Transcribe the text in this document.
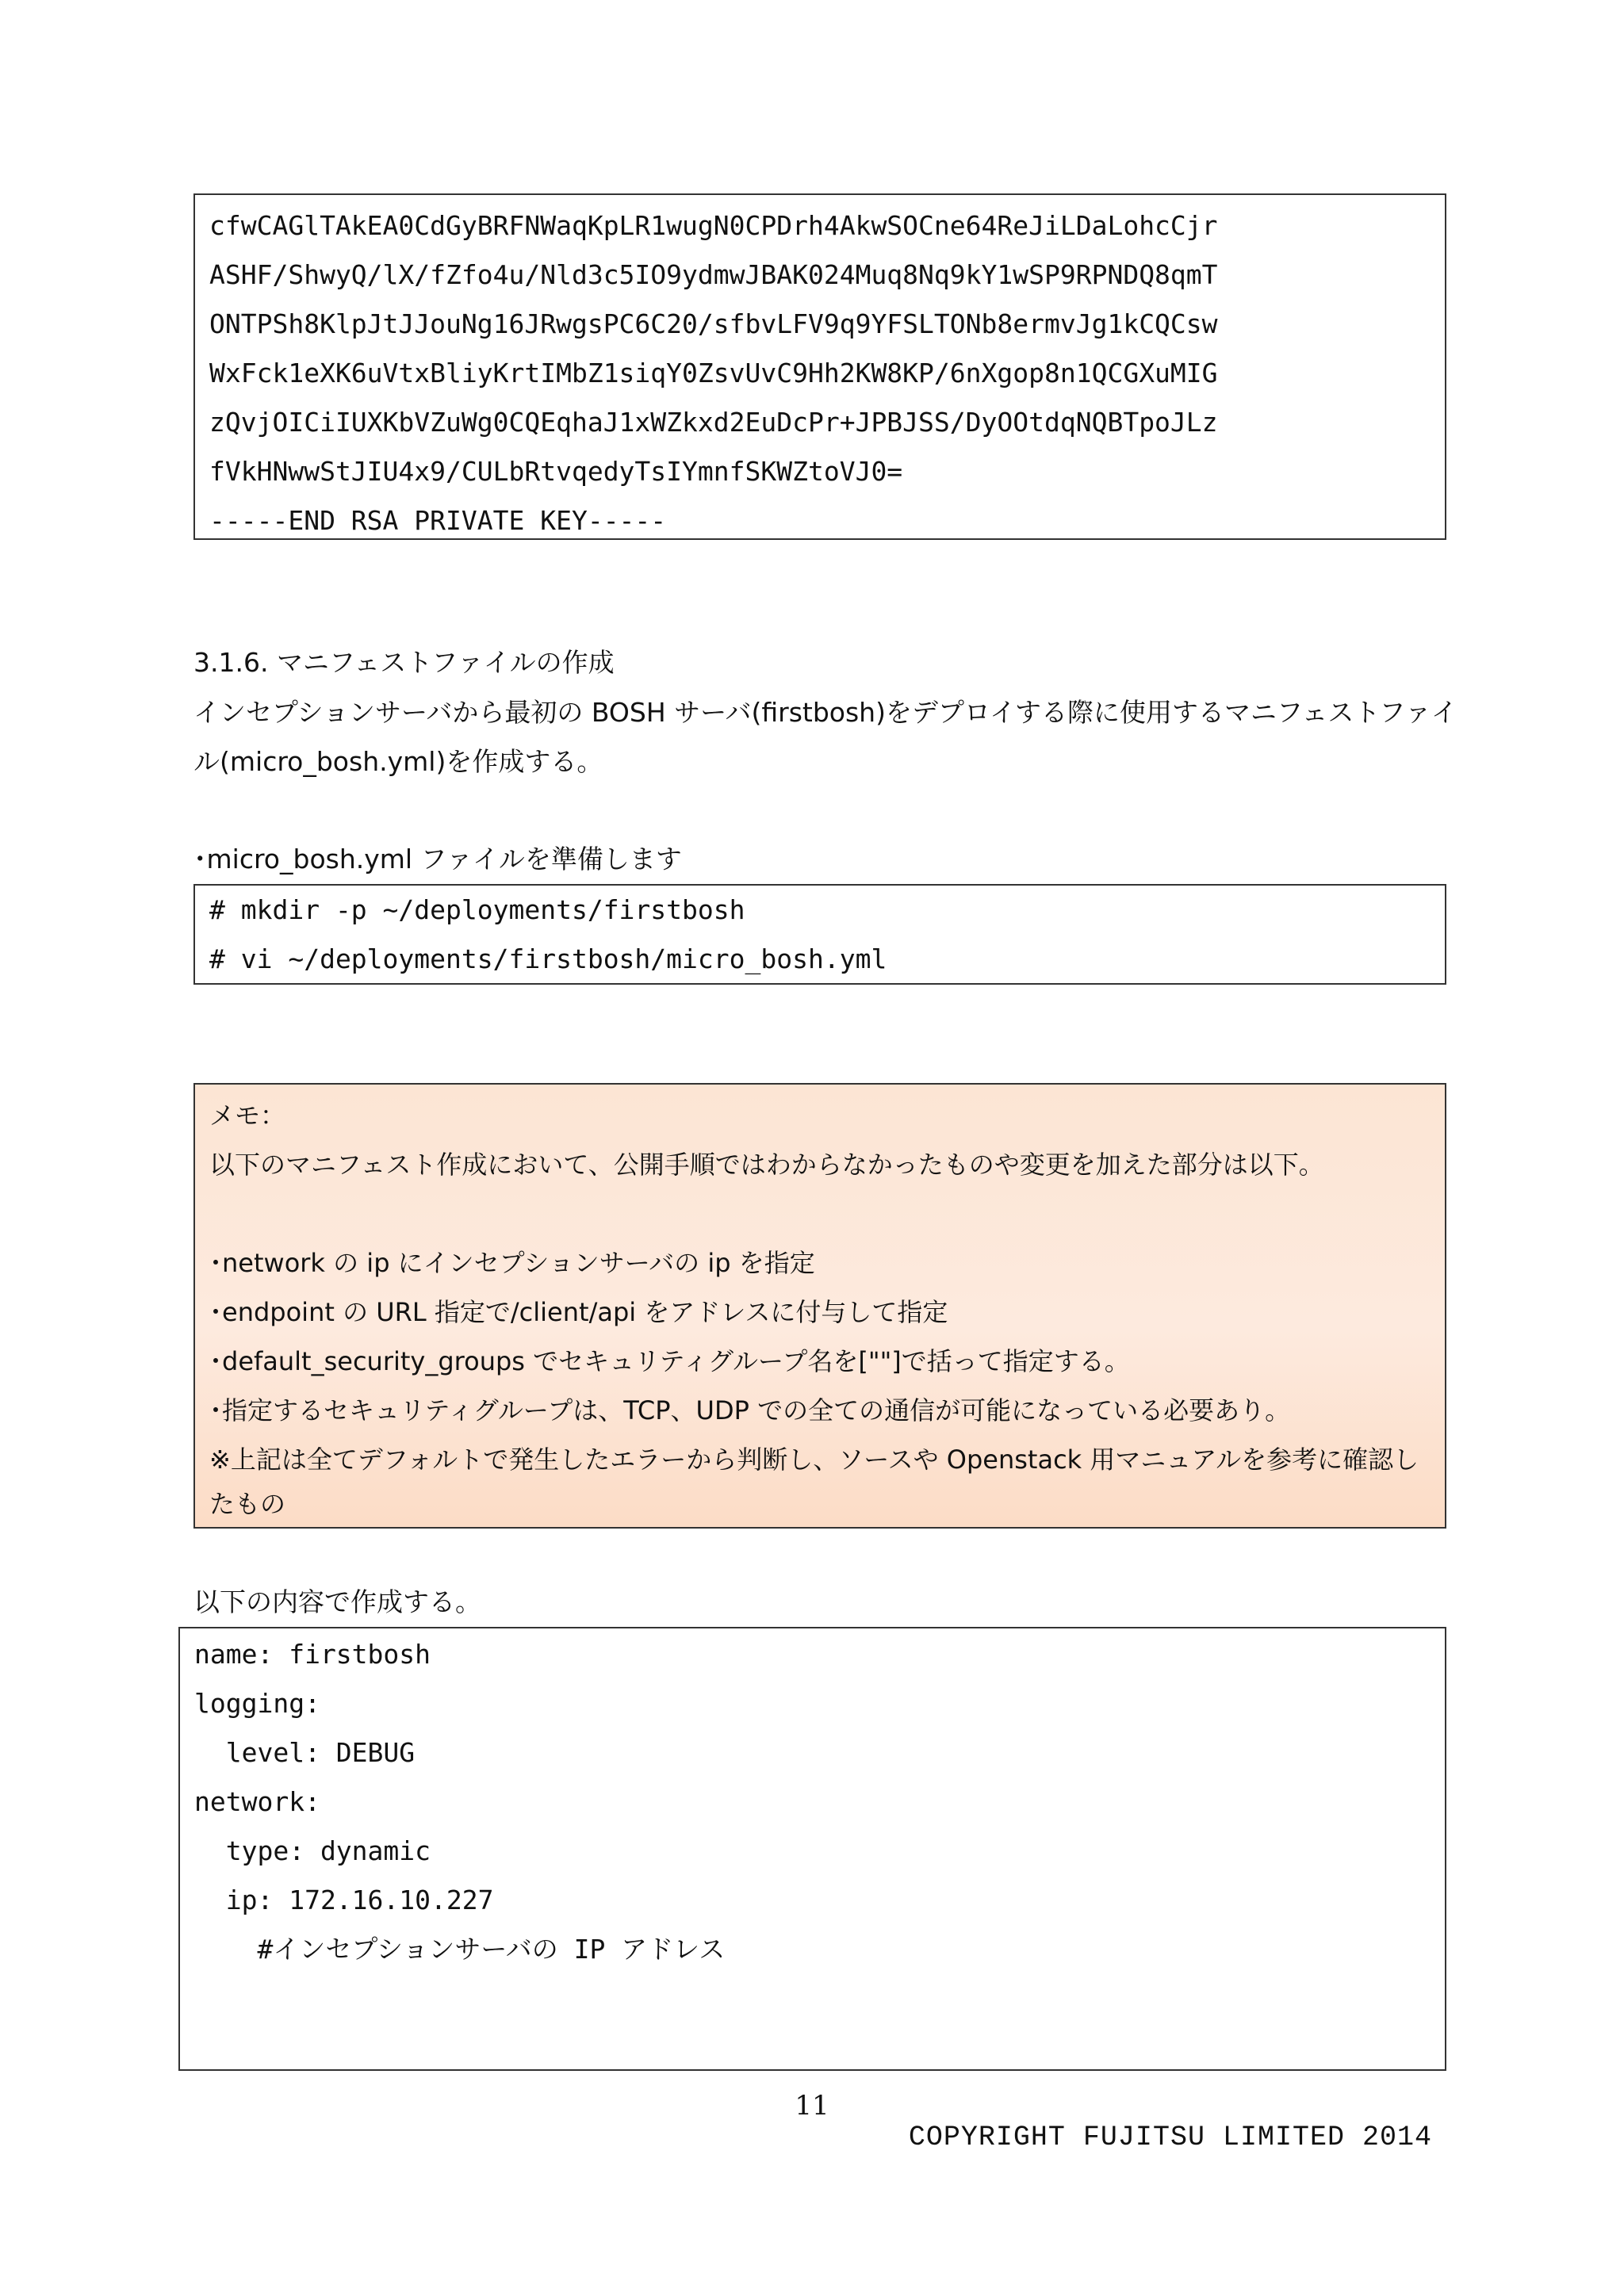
cfwCAGlTAkEA0CdGyBRFNWaqKpLR1wugN0CPDrh4AkwSOCne64ReJiLDaLohcCjr
ASHF/ShwyQ/lX/fZfo4u/Nld3c5IO9ydmwJBAK024Muq8Nq9kY1wSP9RPNDQ8qmT
ONTPSh8KlpJtJJouNg16JRwgsPC6C20/sfbvLFV9q9YFSLTONb8ermvJg1kCQCsw
WxFck1eXK6uVtxBliyKrtIMbZ1siqY0ZsvUvC9Hh2KW8KP/6nXgop8n1QCGXuMIG
zQvjOICiIUXKbVZuWg0CQEqhaJ1xWZkxd2EuDcPr+JPBJSS/DyOOtdqNQBTpoJLz
fVkHNwwStJIU4x9/CULbRtvqedyTsIYmnfSKWZtoVJ0=
-----END RSA PRIVATE KEY-----
3.1.6. マニフェストファイルの作成
インセプションサーバから最初の BOSH サーバ(firstbosh)をデプロイする際に使用するマニフェストファイ
ル(micro_bosh.yml)を作成する。
･micro_bosh.yml ファイルを準備します
# mkdir -p ~/deployments/firstbosh
# vi ~/deployments/firstbosh/micro_bosh.yml
メモ：
以下のマニフェスト作成において、公開手順ではわからなかったものや変更を加えた部分は以下。
･network の ip にインセプションサーバの ip を指定
･endpoint の URL 指定で/client/api をアドレスに付与して指定
･default_security_groups でセキュリティグループ名を[""]で括って指定する。
･指定するセキュリティグループは、TCP、UDP での全ての通信が可能になっている必要あり。
※上記は全てデフォルトで発生したエラーから判断し、ソースや Openstack 用マニュアルを参考に確認し
たもの
以下の内容で作成する。
name: firstbosh
logging:
level: DEBUG
network:
type: dynamic
ip: 172.16.10.227
#インセプションサーバの IP アドレス
11
COPYRIGHT FUJITSU LIMITED 2014
